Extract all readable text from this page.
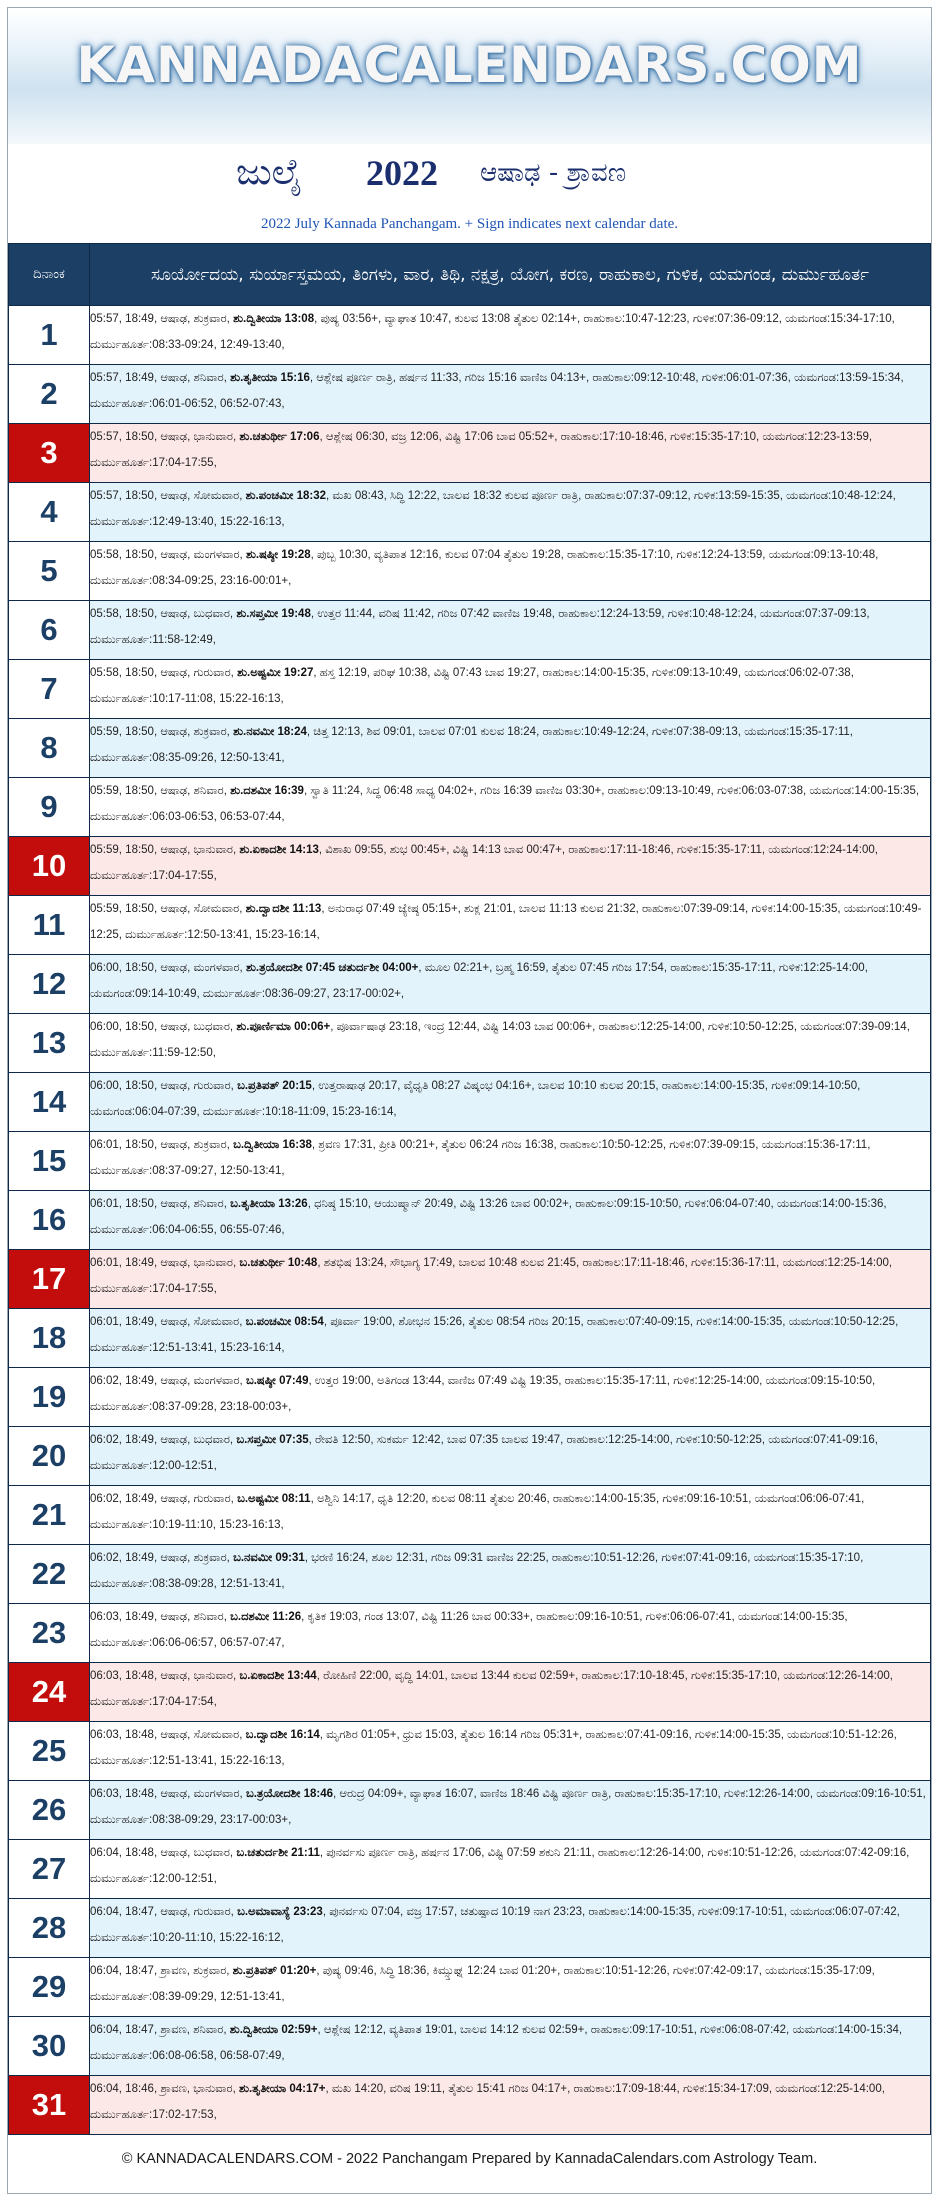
KANNADACALENDARS.COM
ಜುಲೈ 2022 ಆಷಾಢ - ಶ್ರಾವಣ
2022 July Kannada Panchangam. + Sign indicates next calendar date.
ದಿನಾಂಕ	ಸೂರ್ಯೋದಯ, ಸುರ್ಯಾಸ್ತಮಯ, ತಿಂಗಳು, ವಾರ, ತಿಥಿ, ನಕ್ಷತ್ರ, ಯೋಗ, ಕರಣ, ರಾಹುಕಾಲ, ಗುಳಿಕ, ಯಮಗಂಡ, ದುರ್ಮುಹೂರ್ತ
1	05:57, 18:49, ಆಷಾಢ, ಶುಕ್ರವಾರ, ಶು.ದ್ವಿತೀಯಾ 13:08, ಪುಷ್ಯ 03:56+, ವ್ಯಾಘಾತ 10:47, ಕುಲವ 13:08 ತೈತುಲ 02:14+, ರಾಹುಕಾಲ:10:47-12:23, ಗುಳಿಕ:07:36-09:12, ಯಮಗಂಡ:15:34-17:10, ದುರ್ಮುಹೂರ್ತ:08:33-09:24, 12:49-13:40,
2	05:57, 18:49, ಆಷಾಢ, ಶನಿವಾರ, ಶು.ತೃತೀಯಾ 15:16, ಆಶ್ಲೇಷ ಪೂರ್ಣ ರಾತ್ರಿ, ಹರ್ಷನ 11:33, ಗರಿಜ 15:16 ವಾಣಿಜ 04:13+, ರಾಹುಕಾಲ:09:12-10:48, ಗುಳಿಕ:06:01-07:36, ಯಮಗಂಡ:13:59-15:34, ದುರ್ಮುಹೂರ್ತ:06:01-06:52, 06:52-07:43,
3	05:57, 18:50, ಆಷಾಢ, ಭಾನುವಾರ, ಶು.ಚತುರ್ಥೀ 17:06, ಆಶ್ಲೇಷ 06:30, ವಜ್ರ 12:06, ವಿಷ್ಟಿ 17:06 ಬಾವ 05:52+, ರಾಹುಕಾಲ:17:10-18:46, ಗುಳಿಕ:15:35-17:10, ಯಮಗಂಡ:12:23-13:59, ದುರ್ಮುಹೂರ್ತ:17:04-17:55,
4	05:57, 18:50, ಆಷಾಢ, ಸೋಮವಾರ, ಶು.ಪಂಚಮೀ 18:32, ಮಖ 08:43, ಸಿದ್ಧಿ 12:22, ಬಾಲವ 18:32 ಕುಲವ ಪೂರ್ಣ ರಾತ್ರಿ, ರಾಹುಕಾಲ:07:37-09:12, ಗುಳಿಕ:13:59-15:35, ಯಮಗಂಡ:10:48-12:24, ದುರ್ಮುಹೂರ್ತ:12:49-13:40, 15:22-16:13,
5	05:58, 18:50, ಆಷಾಢ, ಮಂಗಳವಾರ, ಶು.ಷಷ್ಠೀ 19:28, ಪುಬ್ಬ 10:30, ವ್ಯತಿಪಾತ 12:16, ಕುಲವ 07:04 ತೈತುಲ 19:28, ರಾಹುಕಾಲ:15:35-17:10, ಗುಳಿಕ:12:24-13:59, ಯಮಗಂಡ:09:13-10:48, ದುರ್ಮುಹೂರ್ತ:08:34-09:25, 23:16-00:01+,
6	05:58, 18:50, ಆಷಾಢ, ಬುಧವಾರ, ಶು.ಸಪ್ತಮೀ 19:48, ಉತ್ತರ 11:44, ವರಿಷ 11:42, ಗರಿಜ 07:42 ವಾಣಿಜ 19:48, ರಾಹುಕಾಲ:12:24-13:59, ಗುಳಿಕ:10:48-12:24, ಯಮಗಂಡ:07:37-09:13, ದುರ್ಮುಹೂರ್ತ:11:58-12:49,
7	05:58, 18:50, ಆಷಾಢ, ಗುರುವಾರ, ಶು.ಅಷ್ಟಮೀ 19:27, ಹಸ್ತ 12:19, ಪರಿಘ 10:38, ವಿಷ್ಟಿ 07:43 ಬಾವ 19:27, ರಾಹುಕಾಲ:14:00-15:35, ಗುಳಿಕ:09:13-10:49, ಯಮಗಂಡ:06:02-07:38, ದುರ್ಮುಹೂರ್ತ:10:17-11:08, 15:22-16:13,
8	05:59, 18:50, ಆಷಾಢ, ಶುಕ್ರವಾರ, ಶು.ನವಮೀ 18:24, ಚಿತ್ತ 12:13, ಶಿವ 09:01, ಬಾಲವ 07:01 ಕುಲವ 18:24, ರಾಹುಕಾಲ:10:49-12:24, ಗುಳಿಕ:07:38-09:13, ಯಮಗಂಡ:15:35-17:11, ದುರ್ಮುಹೂರ್ತ:08:35-09:26, 12:50-13:41,
9	05:59, 18:50, ಆಷಾಢ, ಶನಿವಾರ, ಶು.ದಶಮೀ 16:39, ಸ್ವಾತಿ 11:24, ಸಿದ್ಧ 06:48 ಸಾಧ್ಯ 04:02+, ಗರಿಜ 16:39 ವಾಣಿಜ 03:30+, ರಾಹುಕಾಲ:09:13-10:49, ಗುಳಿಕ:06:03-07:38, ಯಮಗಂಡ:14:00-15:35, ದುರ್ಮುಹೂರ್ತ:06:03-06:53, 06:53-07:44,
10	05:59, 18:50, ಆಷಾಢ, ಭಾನುವಾರ, ಶು.ಏಕಾದಶೀ 14:13, ವಿಶಾಖ 09:55, ಶುಭ 00:45+, ವಿಷ್ಟಿ 14:13 ಬಾವ 00:47+, ರಾಹುಕಾಲ:17:11-18:46, ಗುಳಿಕ:15:35-17:11, ಯಮಗಂಡ:12:24-14:00, ದುರ್ಮುಹೂರ್ತ:17:04-17:55,
11	05:59, 18:50, ಆಷಾಢ, ಸೋಮವಾರ, ಶು.ದ್ವಾದಶೀ 11:13, ಅನುರಾಧ 07:49 ಜ್ಯೇಷ್ಠ 05:15+, ಶುಕ್ಲ 21:01, ಬಾಲವ 11:13 ಕುಲವ 21:32, ರಾಹುಕಾಲ:07:39-09:14, ಗುಳಿಕ:14:00-15:35, ಯಮಗಂಡ:10:49-12:25, ದುರ್ಮುಹೂರ್ತ:12:50-13:41, 15:23-16:14,
12	06:00, 18:50, ಆಷಾಢ, ಮಂಗಳವಾರ, ಶು.ತ್ರಯೋದಶೀ 07:45 ಚತುರ್ದಶೀ 04:00+, ಮೂಲ 02:21+, ಬ್ರಹ್ಮ 16:59, ತೈತುಲ 07:45 ಗರಿಜ 17:54, ರಾಹುಕಾಲ:15:35-17:11, ಗುಳಿಕ:12:25-14:00, ಯಮಗಂಡ:09:14-10:49, ದುರ್ಮುಹೂರ್ತ:08:36-09:27, 23:17-00:02+,
13	06:00, 18:50, ಆಷಾಢ, ಬುಧವಾರ, ಶು.ಪೂರ್ಣಿಮಾ 00:06+, ಪೂರ್ವಾಷಾಢ 23:18, ಇಂದ್ರ 12:44, ವಿಷ್ಟಿ 14:03 ಬಾವ 00:06+, ರಾಹುಕಾಲ:12:25-14:00, ಗುಳಿಕ:10:50-12:25, ಯಮಗಂಡ:07:39-09:14, ದುರ್ಮುಹೂರ್ತ:11:59-12:50,
14	06:00, 18:50, ಆಷಾಢ, ಗುರುವಾರ, ಬ.ಪ್ರತಿಪತ್ 20:15, ಉತ್ತರಾಷಾಢ 20:17, ವೈಧೃತಿ 08:27 ವಿಷ್ಕಂಭ 04:16+, ಬಾಲವ 10:10 ಕುಲವ 20:15, ರಾಹುಕಾಲ:14:00-15:35, ಗುಳಿಕ:09:14-10:50, ಯಮಗಂಡ:06:04-07:39, ದುರ್ಮುಹೂರ್ತ:10:18-11:09, 15:23-16:14,
15	06:01, 18:50, ಆಷಾಢ, ಶುಕ್ರವಾರ, ಬ.ದ್ವಿತೀಯಾ 16:38, ಶ್ರವಣ 17:31, ಪ್ರೀತಿ 00:21+, ತೈತುಲ 06:24 ಗರಿಜ 16:38, ರಾಹುಕಾಲ:10:50-12:25, ಗುಳಿಕ:07:39-09:15, ಯಮಗಂಡ:15:36-17:11, ದುರ್ಮುಹೂರ್ತ:08:37-09:27, 12:50-13:41,
16	06:01, 18:50, ಆಷಾಢ, ಶನಿವಾರ, ಬ.ತೃತೀಯಾ 13:26, ಧನಿಷ್ಠ 15:10, ಆಯುಷ್ಮಾನ್ 20:49, ವಿಷ್ಟಿ 13:26 ಬಾವ 00:02+, ರಾಹುಕಾಲ:09:15-10:50, ಗುಳಿಕ:06:04-07:40, ಯಮಗಂಡ:14:00-15:36, ದುರ್ಮುಹೂರ್ತ:06:04-06:55, 06:55-07:46,
17	06:01, 18:49, ಆಷಾಢ, ಭಾನುವಾರ, ಬ.ಚತುರ್ಥೀ 10:48, ಶತಭಿಷ 13:24, ಸೌಭಾಗ್ಯ 17:49, ಬಾಲವ 10:48 ಕುಲವ 21:45, ರಾಹುಕಾಲ:17:11-18:46, ಗುಳಿಕ:15:36-17:11, ಯಮಗಂಡ:12:25-14:00, ದುರ್ಮುಹೂರ್ತ:17:04-17:55,
18	06:01, 18:49, ಆಷಾಢ, ಸೋಮವಾರ, ಬ.ಪಂಚಮೀ 08:54, ಪೂರ್ವಾ 19:00, ಶೋಭನ 15:26, ತೈತುಲ 08:54 ಗರಿಜ 20:15, ರಾಹುಕಾಲ:07:40-09:15, ಗುಳಿಕ:14:00-15:35, ಯಮಗಂಡ:10:50-12:25, ದುರ್ಮುಹೂರ್ತ:12:51-13:41, 15:23-16:14,
19	06:02, 18:49, ಆಷಾಢ, ಮಂಗಳವಾರ, ಬ.ಷಷ್ಠೀ 07:49, ಉತ್ತರ 19:00, ಅತಿಗಂಡ 13:44, ವಾಣಿಜ 07:49 ವಿಷ್ಟಿ 19:35, ರಾಹುಕಾಲ:15:35-17:11, ಗುಳಿಕ:12:25-14:00, ಯಮಗಂಡ:09:15-10:50, ದುರ್ಮುಹೂರ್ತ:08:37-09:28, 23:18-00:03+,
20	06:02, 18:49, ಆಷಾಢ, ಬುಧವಾರ, ಬ.ಸಪ್ತಮೀ 07:35, ರೇವತಿ 12:50, ಸುಕರ್ಮ 12:42, ಬಾವ 07:35 ಬಾಲವ 19:47, ರಾಹುಕಾಲ:12:25-14:00, ಗುಳಿಕ:10:50-12:25, ಯಮಗಂಡ:07:41-09:16, ದುರ್ಮುಹೂರ್ತ:12:00-12:51,
21	06:02, 18:49, ಆಷಾಢ, ಗುರುವಾರ, ಬ.ಅಷ್ಟಮೀ 08:11, ಅಶ್ವಿನಿ 14:17, ಧೃತಿ 12:20, ಕುಲವ 08:11 ತೈತುಲ 20:46, ರಾಹುಕಾಲ:14:00-15:35, ಗುಳಿಕ:09:16-10:51, ಯಮಗಂಡ:06:06-07:41, ದುರ್ಮುಹೂರ್ತ:10:19-11:10, 15:23-16:13,
22	06:02, 18:49, ಆಷಾಢ, ಶುಕ್ರವಾರ, ಬ.ನವಮೀ 09:31, ಭರಣಿ 16:24, ಶೂಲ 12:31, ಗರಿಜ 09:31 ವಾಣಿಜ 22:25, ರಾಹುಕಾಲ:10:51-12:26, ಗುಳಿಕ:07:41-09:16, ಯಮಗಂಡ:15:35-17:10, ದುರ್ಮುಹೂರ್ತ:08:38-09:28, 12:51-13:41,
23	06:03, 18:49, ಆಷಾಢ, ಶನಿವಾರ, ಬ.ದಶಮೀ 11:26, ಕೃತಿಕ 19:03, ಗಂಡ 13:07, ವಿಷ್ಟಿ 11:26 ಬಾವ 00:33+, ರಾಹುಕಾಲ:09:16-10:51, ಗುಳಿಕ:06:06-07:41, ಯಮಗಂಡ:14:00-15:35, ದುರ್ಮುಹೂರ್ತ:06:06-06:57, 06:57-07:47,
24	06:03, 18:48, ಆಷಾಢ, ಭಾನುವಾರ, ಬ.ಏಕಾದಶೀ 13:44, ರೋಹಿಣಿ 22:00, ವೃದ್ಧಿ 14:01, ಬಾಲವ 13:44 ಕುಲವ 02:59+, ರಾಹುಕಾಲ:17:10-18:45, ಗುಳಿಕ:15:35-17:10, ಯಮಗಂಡ:12:26-14:00, ದುರ್ಮುಹೂರ್ತ:17:04-17:54,
25	06:03, 18:48, ಆಷಾಢ, ಸೋಮವಾರ, ಬ.ದ್ವಾದಶೀ 16:14, ಮೃಗಶಿರ 01:05+, ಧ್ರುವ 15:03, ತೈತುಲ 16:14 ಗರಿಜ 05:31+, ರಾಹುಕಾಲ:07:41-09:16, ಗುಳಿಕ:14:00-15:35, ಯಮಗಂಡ:10:51-12:26, ದುರ್ಮುಹೂರ್ತ:12:51-13:41, 15:22-16:13,
26	06:03, 18:48, ಆಷಾಢ, ಮಂಗಳವಾರ, ಬ.ತ್ರಯೋದಶೀ 18:46, ಆರುದ್ರ 04:09+, ವ್ಯಾಘಾತ 16:07, ವಾಣಿಜ 18:46 ವಿಷ್ಟಿ ಪೂರ್ಣ ರಾತ್ರಿ, ರಾಹುಕಾಲ:15:35-17:10, ಗುಳಿಕ:12:26-14:00, ಯಮಗಂಡ:09:16-10:51, ದುರ್ಮುಹೂರ್ತ:08:38-09:29, 23:17-00:03+,
27	06:04, 18:48, ಆಷಾಢ, ಬುಧವಾರ, ಬ.ಚತುರ್ದಶೀ 21:11, ಪುನರ್ವಸು ಪೂರ್ಣ ರಾತ್ರಿ, ಹರ್ಷನ 17:06, ವಿಷ್ಟಿ 07:59 ಶಕುನಿ 21:11, ರಾಹುಕಾಲ:12:26-14:00, ಗುಳಿಕ:10:51-12:26, ಯಮಗಂಡ:07:42-09:16, ದುರ್ಮುಹೂರ್ತ:12:00-12:51,
28	06:04, 18:47, ಆಷಾಢ, ಗುರುವಾರ, ಬ.ಅಮಾವಾಸ್ಯೆ 23:23, ಪುನರ್ವಸು 07:04, ವಜ್ರ 17:57, ಚತುಷ್ಪಾದ 10:19 ನಾಗ 23:23, ರಾಹುಕಾಲ:14:00-15:35, ಗುಳಿಕ:09:17-10:51, ಯಮಗಂಡ:06:07-07:42, ದುರ್ಮುಹೂರ್ತ:10:20-11:10, 15:22-16:12,
29	06:04, 18:47, ಶ್ರಾವಣ, ಶುಕ್ರವಾರ, ಶು.ಪ್ರತಿಪತ್ 01:20+, ಪುಷ್ಯ 09:46, ಸಿದ್ಧಿ 18:36, ಕಿಮ್ಸ್ತುಘ್ನ 12:24 ಬಾವ 01:20+, ರಾಹುಕಾಲ:10:51-12:26, ಗುಳಿಕ:07:42-09:17, ಯಮಗಂಡ:15:35-17:09, ದುರ್ಮುಹೂರ್ತ:08:39-09:29, 12:51-13:41,
30	06:04, 18:47, ಶ್ರಾವಣ, ಶನಿವಾರ, ಶು.ದ್ವಿತೀಯಾ 02:59+, ಆಶ್ಲೇಷ 12:12, ವ್ಯತಿಪಾತ 19:01, ಬಾಲವ 14:12 ಕುಲವ 02:59+, ರಾಹುಕಾಲ:09:17-10:51, ಗುಳಿಕ:06:08-07:42, ಯಮಗಂಡ:14:00-15:34, ದುರ್ಮುಹೂರ್ತ:06:08-06:58, 06:58-07:49,
31	06:04, 18:46, ಶ್ರಾವಣ, ಭಾನುವಾರ, ಶು.ತೃತೀಯಾ 04:17+, ಮಖ 14:20, ವರಿಷ 19:11, ತೈತುಲ 15:41 ಗರಿಜ 04:17+, ರಾಹುಕಾಲ:17:09-18:44, ಗುಳಿಕ:15:34-17:09, ಯಮಗಂಡ:12:25-14:00, ದುರ್ಮುಹೂರ್ತ:17:02-17:53,
© KANNADACALENDARS.COM - 2022 Panchangam Prepared by KannadaCalendars.com Astrology Team.
